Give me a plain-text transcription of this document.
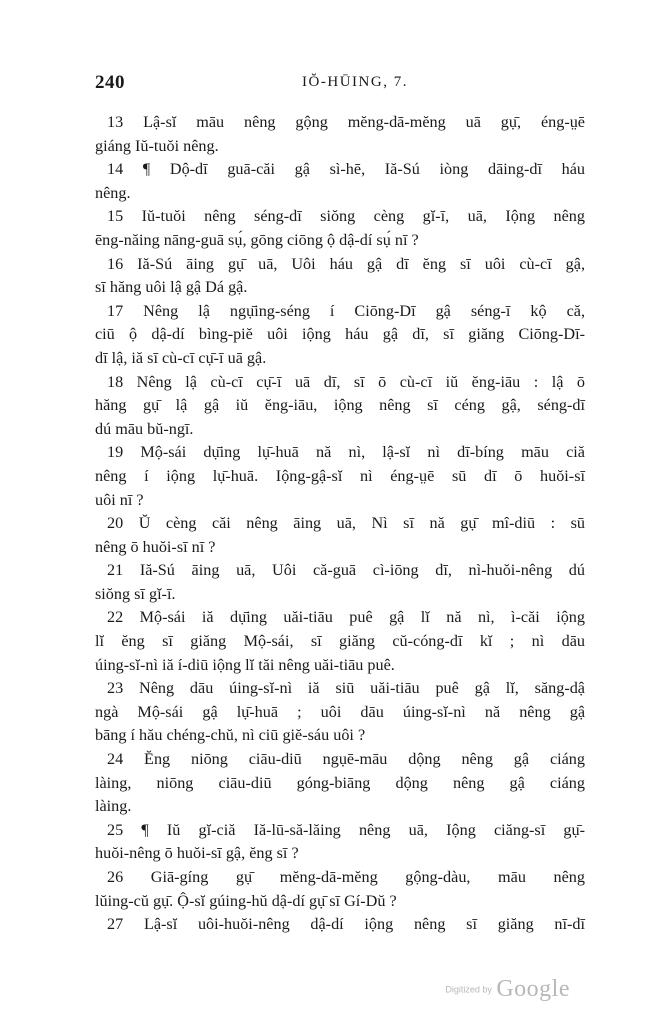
240	IŎ-HŪING, 7.
13 Lậ-sĭ māu nêng gộng mĕng-dā-mĕng uā gụ̄, éng-ṳē
giáng Iŭ-tuŏi nêng.
14 ¶ Dộ-dī guā-căi gậ sì-hē, Iă-Sú iòng dāing-dī háu
nêng.
15 Iŭ-tuŏi nêng séng-dī siŏng cèng gĭ-ī, uā, Iộng nêng
ēng-năing nāng-guā sụ́, gōng ciōng ộ dậ-dí sụ́ nī ?
16 Iă-Sú āing gụ̄ uā, Uôi háu gậ dī ĕng sī uôi cù-cī gậ,
sī hăng uôi lậ gậ Dá gậ.
17 Nêng lậ ngụ̄ing-séng í Ciōng-Dī gậ séng-ī kộ că,
ciū ộ dậ-dí bìng-piĕ uôi iộng háu gậ dī, sī giăng Ciōng-Dī-
dī lậ, iă sī cù-cī cụ̄-ī uā gậ.
18 Nêng lậ cù-cī cụ̄-ī uā dī, sī ō cù-cī iŭ ĕng-iāu : lậ ō
hăng gụ̄ lậ gậ iŭ ĕng-iāu, iộng nêng sī céng gậ, séng-dī
dú māu bŭ-ngī.
19 Mộ-sái dụ̄ing lụ̄-huā nă nì, lậ-sĭ nì dī-bíng māu ciă
nêng í iộng lụ̄-huā. Iộng-gậ-sĭ nì éng-ṳē sū dī ō huŏi-sī
uôi nī ?
20 Ŭ cèng căi nêng āing uā, Nì sī nă gụ̄ mî-diū : sū
nêng ō huŏi-sī nī ?
21 Iă-Sú āing uā, Uôi că-guā cì-iōng dī, nì-huŏi-nêng dú
siŏng sī gĭ-ī.
22 Mộ-sái iă dụ̄ing uăi-tiāu puê gậ lĭ nă nì, ì-căi iộng
lĭ ĕng sī giăng Mộ-sái, sī giăng cŭ-cóng-dī kĭ ; nì dāu
úing-sĭ-nì iă í-diū iộng lĭ tăi nêng uăi-tiāu puê.
23 Nêng dāu úing-sĭ-nì iă siū uăi-tiāu puê gậ lĭ, săng-dậ
ngà Mộ-sái gậ lụ̄-huā ; uôi dāu úing-sĭ-nì nă nêng gậ
bāng í hău chéng-chŭ, nì ciū giĕ-sáu uôi ?
24 Ĕng niōng ciāu-diū ngụē-māu dộng nêng gậ ciáng
làing, niōng ciāu-diū góng-biāng dộng nêng gậ ciáng
làing.
25 ¶ Iŭ gĭ-ciă Iă-lū-să-lăing nêng uā, Iộng ciăng-sī gụ̄-
huŏi-nêng ō huŏi-sī gậ, ĕng sī ?
26 Giā-gíng gụ̄ mĕng-dā-mĕng gộng-dàu, māu nêng
lŭing-cŭ gụ̄. Ộ-sĭ gúing-hŭ dậ-dí gụ̄ sī Gí-Dŭ ?
27 Lậ-sĭ uôi-huŏi-nêng dậ-dí iộng nêng sī giăng nī-dī
Digitized by Google
